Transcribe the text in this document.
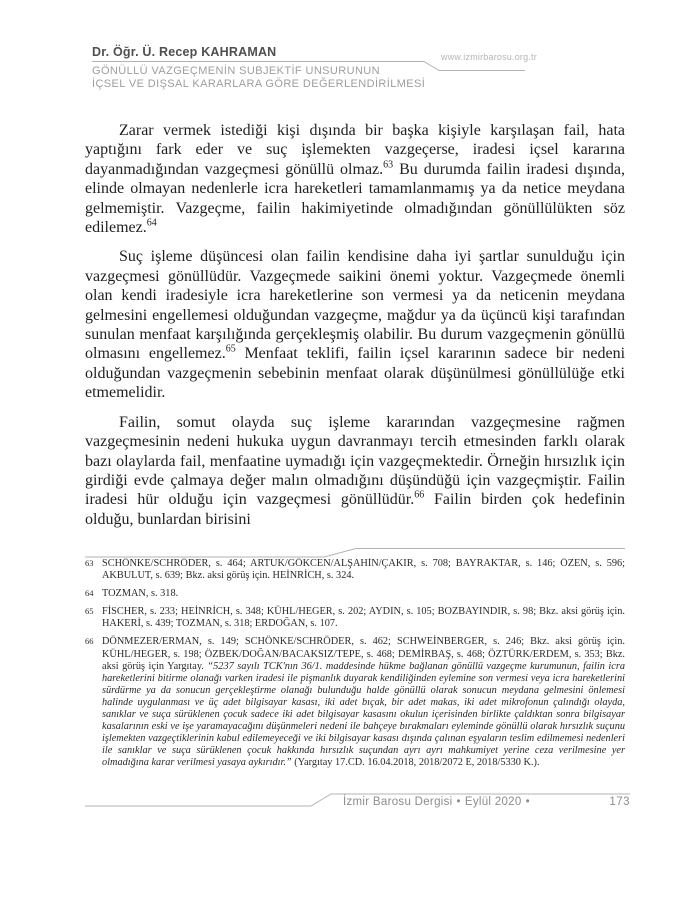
Dr. Öğr. Ü. Recep KAHRAMAN	www.izmirbarosu.org.tr
GÖNÜLLÜ VAZGEÇMENİN SUBJEKTİF UNSURUNUN
İÇSEL VE DIŞSAL KARARLARA GÖRE DEĞERLENDİRİLMESİ

Zarar vermek istediği kişi dışında bir başka kişiyle karşılaşan fail, hata yaptığını fark eder ve suç işlemekten vazgeçerse, iradesi içsel kararına dayanmadığından vazgeçmesi gönüllü olmaz.$^{63}$ Bu durumda failin iradesi dışında, elinde olmayan nedenlerle icra hareketleri tamamlanmamış ya da netice meydana gelmemiştir. Vazgeçme, failin hakimiyetinde olmadığından gönüllülükten söz edilemez.$^{64}$

Suç işleme düşüncesi olan failin kendisine daha iyi şartlar sunulduğu için vazgeçmesi gönüllüdür. Vazgeçmede saikini önemi yoktur. Vazgeçmede önemli olan kendi iradesiyle icra hareketlerine son vermesi ya da neticenin meydana gelmesini engellemesi olduğundan vazgeçme, mağdur ya da üçüncü kişi tarafından sunulan menfaat karşılığında gerçekleşmiş olabilir. Bu durum vazgeçmenin gönüllü olmasını engellemez.$^{65}$ Menfaat teklifi, failin içsel kararının sadece bir nedeni olduğundan vazgeçmenin sebebinin menfaat olarak düşünülmesi gönüllülüğe etki etmemelidir.

Failin, somut olayda suç işleme kararından vazgeçmesine rağmen vazgeçmesinin nedeni hukuka uygun davranmayı tercih etmesinden farklı olarak bazı olaylarda fail, menfaatine uymadığı için vazgeçmektedir. Örneğin hırsızlık için girdiği evde çalmaya değer malın olmadığını düşündüğü için vazgeçmiştir. Failin iradesi hür olduğu için vazgeçmesi gönüllüdür.$^{66}$ Failin birden çok hedefinin olduğu, bunlardan birisini

63 SCHÖNKE/SCHRÖDER, s. 464; ARTUK/GÖKCEN/ALŞAHİN/ÇAKIR, s. 708; BAYRAKTAR, s. 146; ÖZEN, s. 596; AKBULUT, s. 639; Bkz. aksi görüş için. HEİNRİCH, s. 324.
64 TOZMAN, s. 318.
65 FİSCHER, s. 233; HEİNRİCH, s. 348; KÜHL/HEGER, s. 202; AYDIN, s. 105; BOZBAYINDIR, s. 98; Bkz. aksi görüş için. HAKERİ, s. 439; TOZMAN, s. 318; ERDOĞAN, s. 107.
66 DÖNMEZER/ERMAN, s. 149; SCHÖNKE/SCHRÖDER, s. 462; SCHWEİNBERGER, s. 246; Bkz. aksi görüş için. KÜHL/HEGER, s. 198; ÖZBEK/DOĞAN/BACAKSIZ/TEPE, s. 468; DEMİRBAŞ, s. 468; ÖZTÜRK/ERDEM, s. 353; Bkz. aksi görüş için Yargıtay. “5237 sayılı TCK'nın 36/1. maddesinde hükme bağlanan gönüllü vazgeçme kurumunun, failin icra hareketlerini bitirme olanağı varken iradesi ile pişmanlık duyarak kendiliğinden eylemine son vermesi veya icra hareketlerini sürdürme ya da sonucun gerçekleştirme olanağı bulunduğu halde gönüllü olarak sonucun meydana gelmesini önlemesi halinde uygulanması ve üç adet bilgisayar kasası, iki adet bıçak, bir adet makas, iki adet mikrofonun çalındığı olayda, sanıklar ve suça sürüklenen çocuk sadece iki adet bilgisayar kasasını okulun içerisinden birlikte çaldıktan sonra bilgisayar kasalarının eski ve işe yaramayacağını düşünmeleri nedeni ile bahçeye bırakmaları eyleminde gönüllü olarak hırsızlık suçunu işlemekten vazgeçtiklerinin kabul edilemeyeceği ve iki bilgisayar kasası dışında çalınan eşyaların teslim edilmemesi nedenleri ile sanıklar ve suça sürüklenen çocuk hakkında hırsızlık suçundan ayrı ayrı mahkumiyet yerine ceza verilmesine yer olmadığına karar verilmesi yasaya aykırıdır.” (Yargıtay 17.CD. 16.04.2018, 2018/2072 E, 2018/5330 K.).
İzmir Barosu Dergisi • Eylül 2020 •	173
